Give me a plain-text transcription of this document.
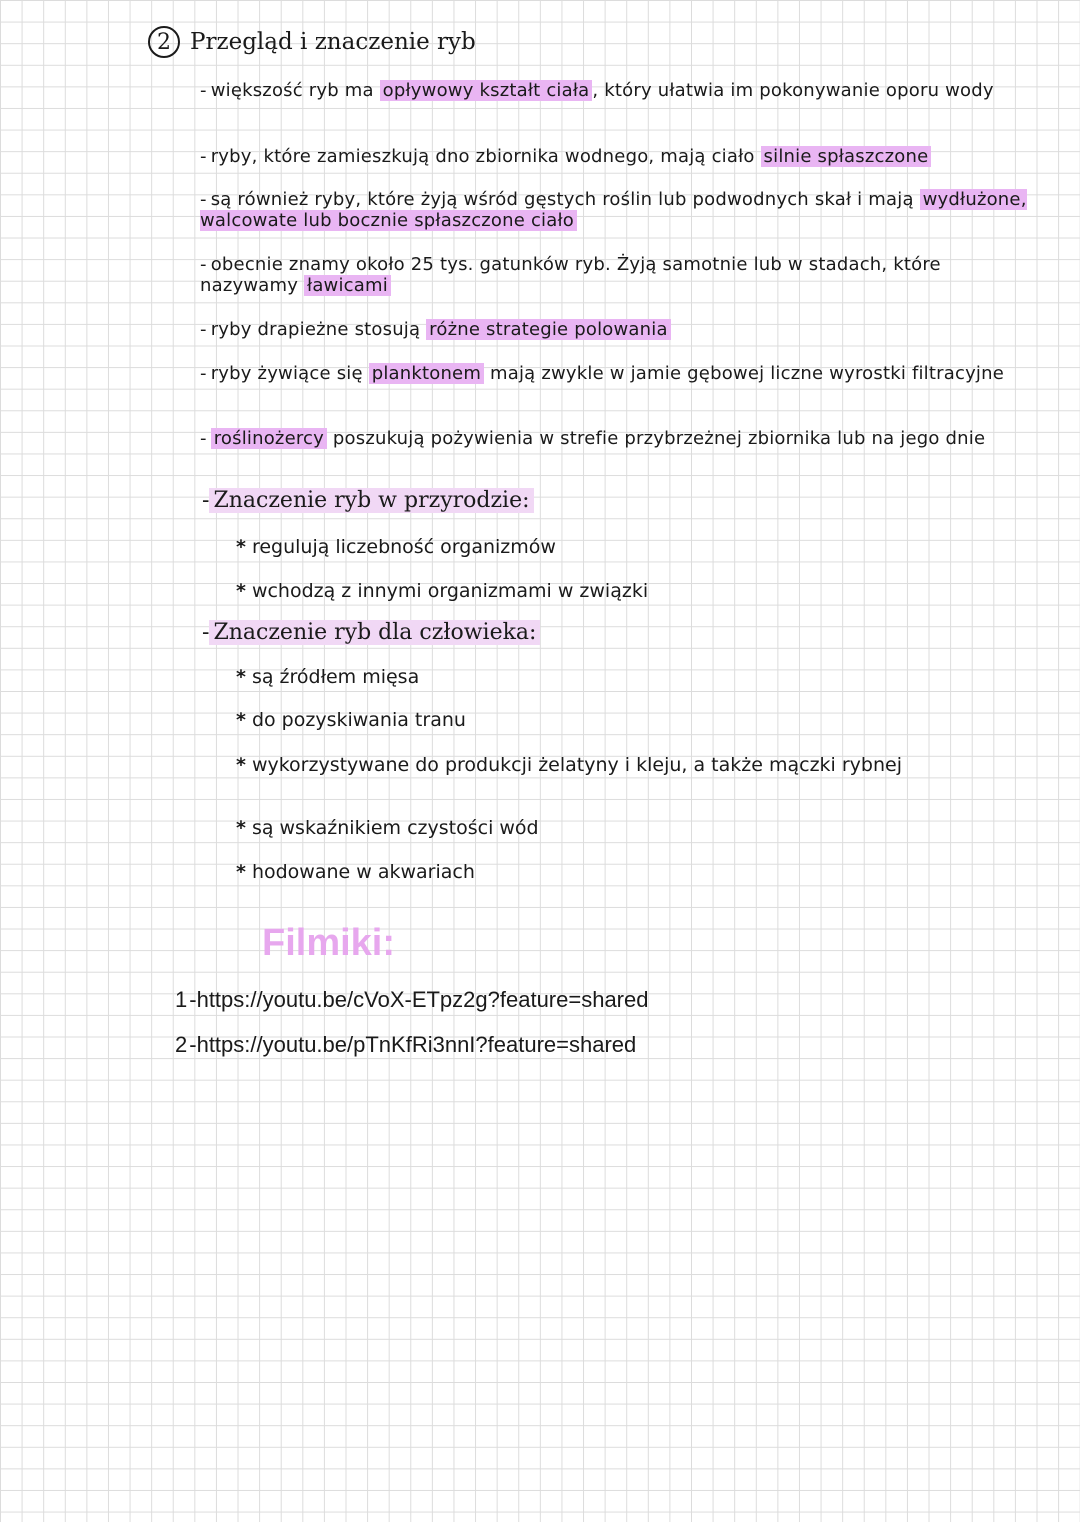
2 Przegląd i znaczenie ryb
- większość ryb ma opływowy kształt ciała , który ułatwia im pokonywanie oporu wody
- ryby, które zamieszkują dno zbiornika wodnego, mają ciało silnie spłaszczone
- są również ryby, które żyją wśród gęstych roślin lub podwodnych skał i mają wydłużone, walcowate lub bocznie spłaszczone ciało
- obecnie znamy około 25 tys. gatunków ryb. Żyją samotnie lub w stadach, które nazywamy ławicami
- ryby drapieżne stosują różne strategie polowania
- ryby żywiące się planktonem mają zwykle w jamie gębowej liczne wyrostki filtracyjne
- roślinożercy poszukują pożywienia w strefie przybrzeżnej zbiornika lub na jego dnie
- Znaczenie ryb w przyrodzie:
* regulują liczebność organizmów
* wchodzą z innymi organizmami w związki
- Znaczenie ryb dla człowieka:
* są źródłem mięsa
* do pozyskiwania tranu
* wykorzystywane do produkcji żelatyny i kleju, a także mączki rybnej
* są wskaźnikiem czystości wód
* hodowane w akwariach
Filmiki:
1-https://youtu.be/cVoX-ETpz2g?feature=shared
2-https://youtu.be/pTnKfRi3nnI?feature=shared
